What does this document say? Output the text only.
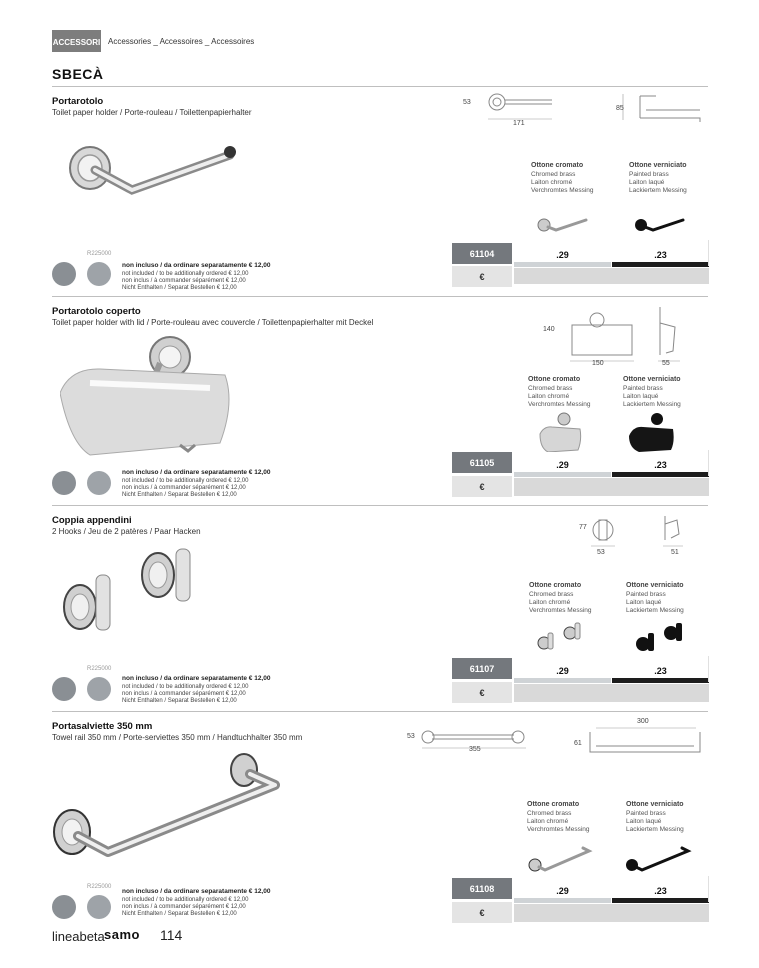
ACCESSORI Accessories _ Accessoires _ Accessoires
SBECÀ
Portarotolo
Toilet paper holder / Porte-rouleau / Toilettenpapierhalter
53
171
85
Ottone cromato
Chromed brass
Laiton chromé
Verchromtes Messing
Ottone verniciato
Painted brass
Laiton laqué
Lackiertem Messing
61104
€
.29	.23
R225000
non incluso / da ordinare separatamente € 12,00
not included / to be additionally ordered € 12,00
non inclus / à commander séparément € 12,00
Nicht Enthalten / Separat Bestellen € 12,00
Portarotolo coperto
Toilet paper holder with lid / Porte-rouleau avec couvercle / Toilettenpapierhalter mit Deckel
140
150	55
Ottone cromato
Chromed brass
Laiton chromé
Verchromtes Messing
Ottone verniciato
Painted brass
Laiton laqué
Lackiertem Messing
61105
€
.29	.23
non incluso / da ordinare separatamente € 12,00
not included / to be additionally ordered € 12,00
non inclus / à commander séparément € 12,00
Nicht Enthalten / Separat Bestellen € 12,00
Coppia appendini
2 Hooks / Jeu de 2 patères / Paar Hacken	77
53	51
Ottone cromato
Chromed brass
Laiton chromé
Verchromtes Messing
Ottone verniciato
Painted brass
Laiton laqué
Lackiertem Messing
61107
€
.29	.23
R225000
non incluso / da ordinare separatamente € 12,00
not included / to be additionally ordered € 12,00
non inclus / à commander séparément € 12,00
Nicht Enthalten / Separat Bestellen € 12,00
Portasalviette 350 mm
Towel rail 350 mm / Porte-serviettes 350 mm / Handtuchhalter 350 mm	53
355
300
61
Ottone cromato
Chromed brass
Laiton chromé
Verchromtes Messing
Ottone verniciato
Painted brass
Laiton laqué
Lackiertem Messing
61108
€
.29	.23
R225000
non incluso / da ordinare separatamente € 12,00
not included / to be additionally ordered € 12,00
non inclus / à commander séparément € 12,00
Nicht Enthalten / Separat Bestellen € 12,00
lineabeta samo 114
